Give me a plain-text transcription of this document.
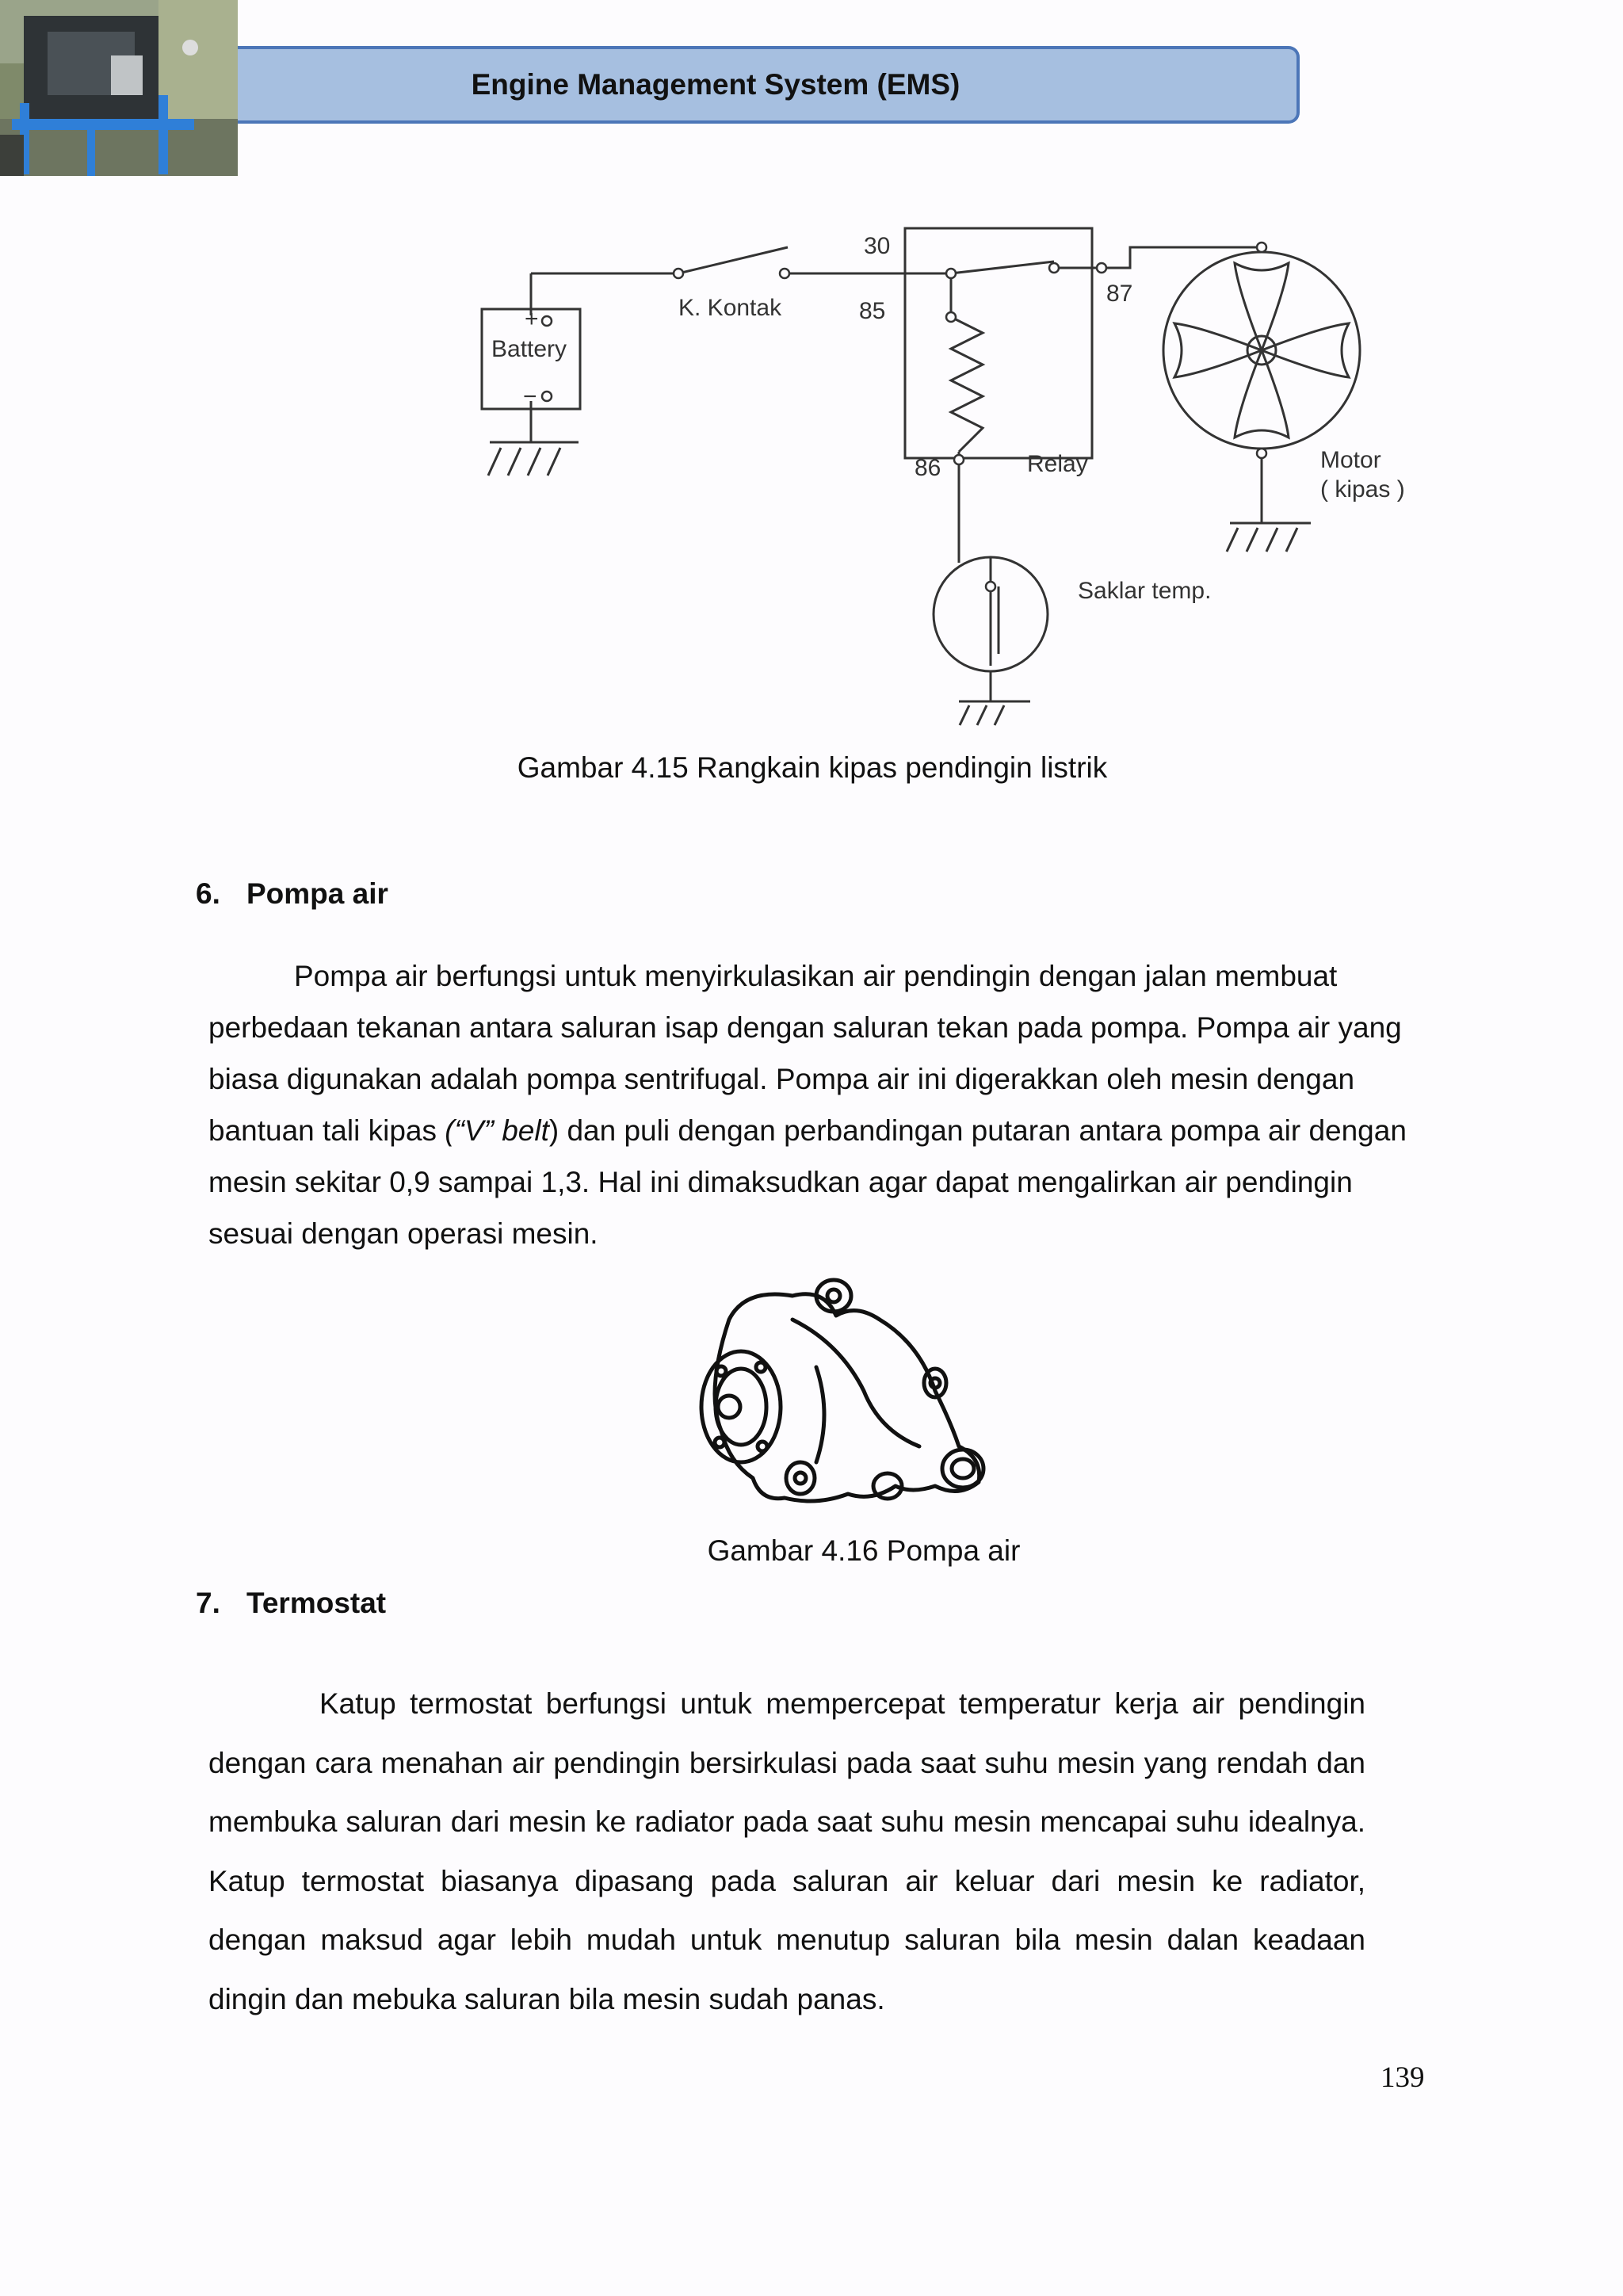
Engine Management System (EMS)
+
−
Battery
K. Kontak
30
85
87
86	Relay	Motor
( kipas )
Saklar temp.
Gambar 4.15 Rangkain kipas pendingin listrik
6. Pompa air

Pompa air berfungsi untuk menyirkulasikan air pendingin dengan jalan membuat perbedaan tekanan antara saluran isap dengan saluran tekan pada pompa. Pompa air yang biasa digunakan adalah pompa sentrifugal. Pompa air ini digerakkan oleh mesin dengan bantuan tali kipas (“V” belt) dan puli dengan perbandingan putaran antara pompa air dengan mesin sekitar 0,9 sampai 1,3. Hal ini dimaksudkan agar dapat mengalirkan air pendingin sesuai dengan operasi mesin.

Gambar 4.16 Pompa air
7. Termostat

Katup termostat berfungsi untuk mempercepat temperatur kerja air pendingin dengan cara menahan air pendingin bersirkulasi pada saat suhu mesin yang rendah dan membuka saluran dari mesin ke radiator pada saat suhu mesin mencapai suhu idealnya. Katup termostat biasanya dipasang pada saluran air keluar dari mesin ke radiator, dengan maksud agar lebih mudah untuk menutup saluran bila mesin dalan keadaan dingin dan mebuka saluran bila mesin sudah panas.

139
